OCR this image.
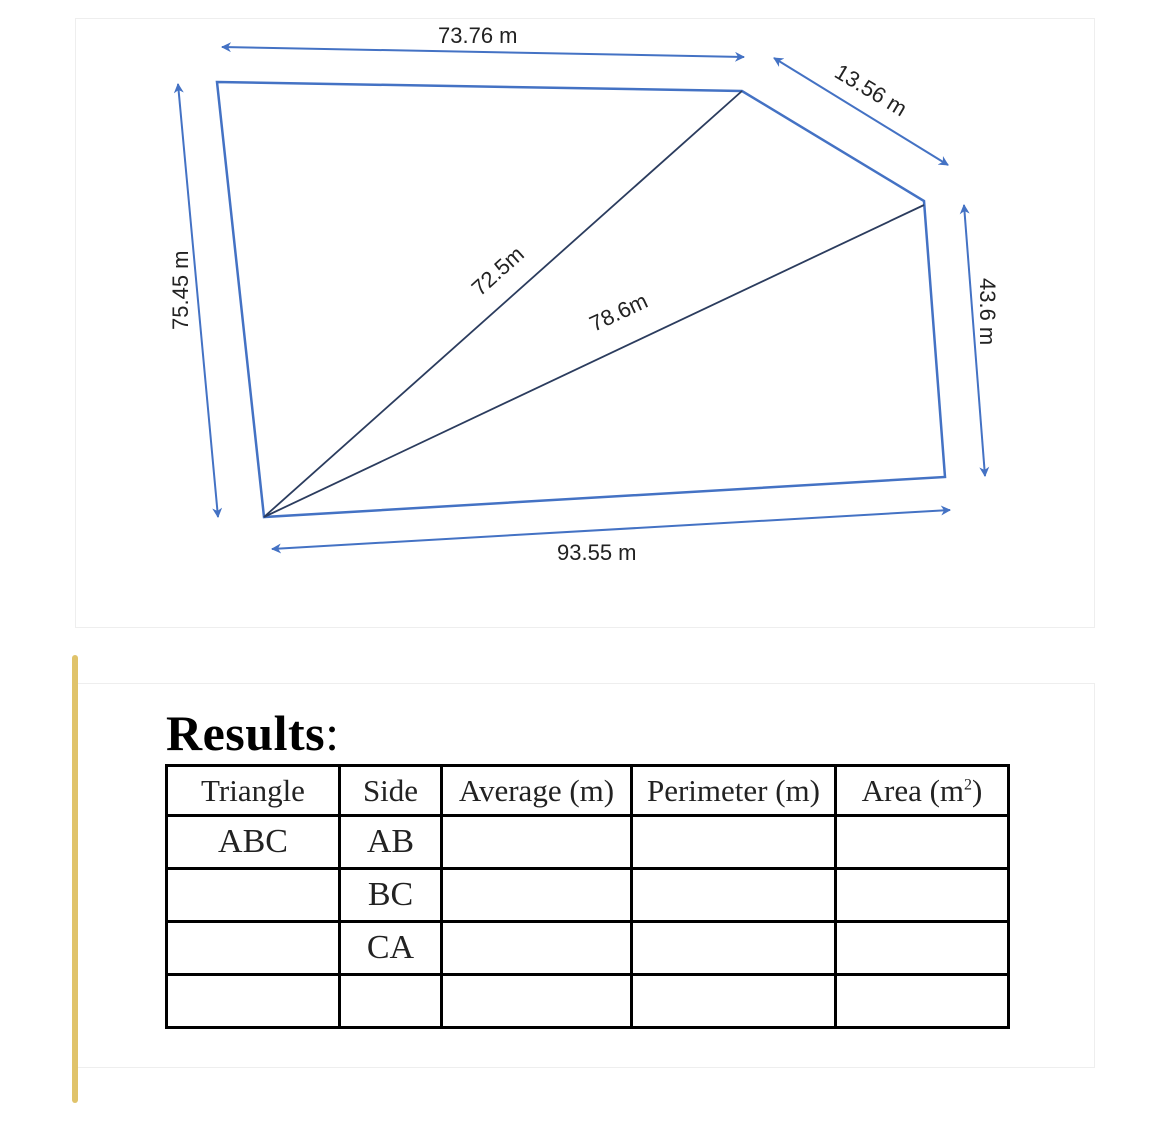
73.76 m
13.56 m
43.6 m
93.55 m
75.45 m	72.5m
78.6m
Results:
Triangle	Side	Average (m)	Perimeter (m)	Area $(m^2)$
ABC	AB			
	BC			
	CA			
